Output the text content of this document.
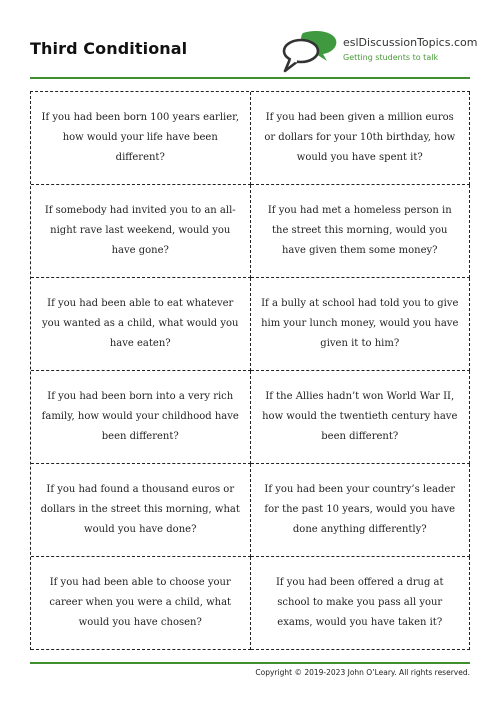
Third Conditional	eslDiscussionTopics.com
Getting students to talk
If you had been born 100 years earlier, how would your life have been different?
If you had been given a million euros or dollars for your 10th birthday, how would you have spent it?
If somebody had invited you to an all-night rave last weekend, would you have gone?
If you had met a homeless person in the street this morning, would you have given them some money?
If you had been able to eat whatever you wanted as a child, what would you have eaten?
If a bully at school had told you to give him your lunch money, would you have given it to him?
If you had been born into a very rich family, how would your childhood have been different?
If the Allies hadn’t won World War II, how would the twentieth century have been different?
If you had found a thousand euros or dollars in the street this morning, what would you have done?
If you had been your country’s leader for the past 10 years, would you have done anything differently?
If you had been able to choose your career when you were a child, what would you have chosen?
If you had been offered a drug at school to make you pass all your exams, would you have taken it?
Copyright © 2019-2023 John O’Leary. All rights reserved.
